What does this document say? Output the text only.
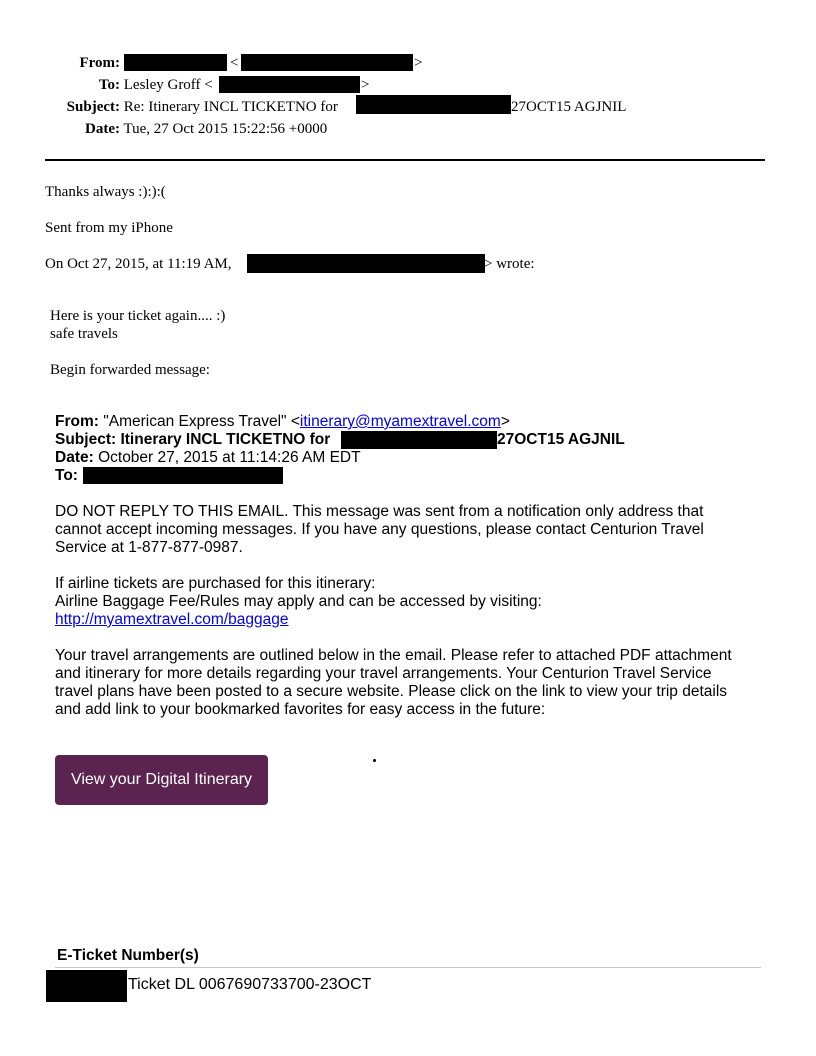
From:	<	>
To: Lesley Groff <	>
Subject: Re: Itinerary INCL TICKETNO for	27OCT15 AGJNIL
Date: Tue, 27 Oct 2015 15:22:56 +0000
Thanks always :):):(
Sent from my iPhone
On Oct 27, 2015, at 11:19 AM,	> wrote:
Here is your ticket again.... :)
safe travels
Begin forwarded message:
From: "American Express Travel" <itinerary@myamextravel.com>
Subject: Itinerary INCL TICKETNO for	27OCT15 AGJNIL
Date: October 27, 2015 at 11:14:26 AM EDT
To:
DO NOT REPLY TO THIS EMAIL. This message was sent from a notification only address that
cannot accept incoming messages. If you have any questions, please contact Centurion Travel
Service at 1-877-877-0987.
If airline tickets are purchased for this itinerary:
Airline Baggage Fee/Rules may apply and can be accessed by visiting:
http://myamextravel.com/baggage
Your travel arrangements are outlined below in the email. Please refer to attached PDF attachment
and itinerary for more details regarding your travel arrangements. Your Centurion Travel Service
travel plans have been posted to a secure website. Please click on the link to view your trip details
and add link to your bookmarked favorites for easy access in the future:
View your Digital Itinerary
E-Ticket Number(s)
Ticket DL 0067690733700-23OCT
